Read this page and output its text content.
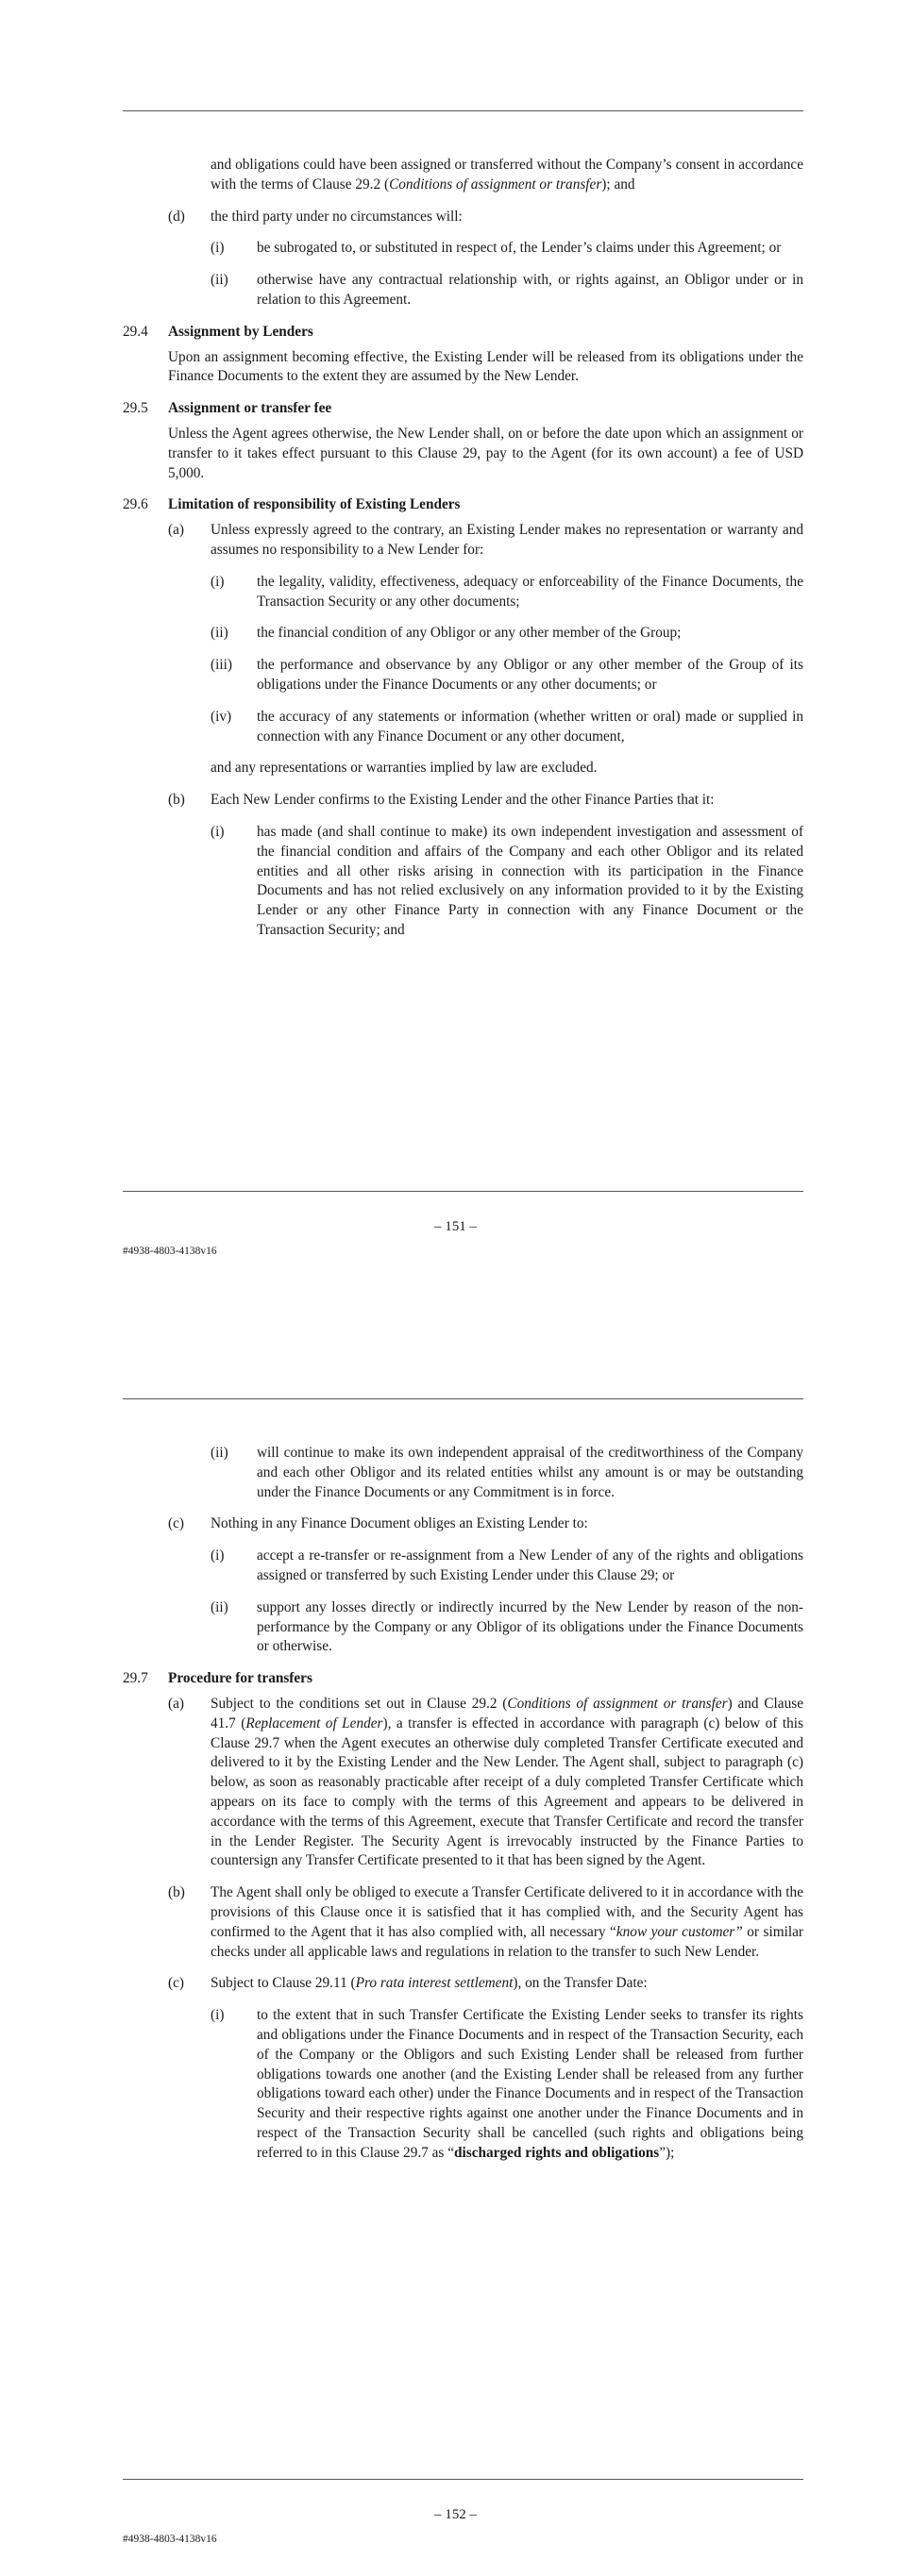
and obligations could have been assigned or transferred without the Company’s consent in accordance with the terms of Clause 29.2 (Conditions of assignment or transfer); and

(d) the third party under no circumstances will:
(i) be subrogated to, or substituted in respect of, the Lender’s claims under this Agreement; or
(ii) otherwise have any contractual relationship with, or rights against, an Obligor under or in relation to this Agreement.
29.4 Assignment by Lenders

Upon an assignment becoming effective, the Existing Lender will be released from its obligations under the Finance Documents to the extent they are assumed by the New Lender.

29.5 Assignment or transfer fee

Unless the Agent agrees otherwise, the New Lender shall, on or before the date upon which an assignment or transfer to it takes effect pursuant to this Clause 29, pay to the Agent (for its own account) a fee of USD 5,000.

29.6 Limitation of responsibility of Existing Lenders
(a) Unless expressly agreed to the contrary, an Existing Lender makes no representation or warranty and assumes no responsibility to a New Lender for:
(i) the legality, validity, effectiveness, adequacy or enforceability of the Finance Documents, the Transaction Security or any other documents;
(ii) the financial condition of any Obligor or any other member of the Group;
(iii) the performance and observance by any Obligor or any other member of the Group of its obligations under the Finance Documents or any other documents; or
(iv) the accuracy of any statements or information (whether written or oral) made or supplied in connection with any Finance Document or any other document,

and any representations or warranties implied by law are excluded.

(b) Each New Lender confirms to the Existing Lender and the other Finance Parties that it:
(i) has made (and shall continue to make) its own independent investigation and assessment of the financial condition and affairs of the Company and each other Obligor and its related entities and all other risks arising in connection with its participation in the Finance Documents and has not relied exclusively on any information provided to it by the Existing Lender or any other Finance Party in connection with any Finance Document or the Transaction Security; and
– 151 –
#4938-4803-4138v16
(ii) will continue to make its own independent appraisal of the creditworthiness of the Company and each other Obligor and its related entities whilst any amount is or may be outstanding under the Finance Documents or any Commitment is in force.
(c) Nothing in any Finance Document obliges an Existing Lender to:
(i) accept a re-transfer or re-assignment from a New Lender of any of the rights and obligations assigned or transferred by such Existing Lender under this Clause 29; or
(ii) support any losses directly or indirectly incurred by the New Lender by reason of the non-performance by the Company or any Obligor of its obligations under the Finance Documents or otherwise.
29.7 Procedure for transfers
(a) Subject to the conditions set out in Clause 29.2 (Conditions of assignment or transfer) and Clause 41.7 (Replacement of Lender), a transfer is effected in accordance with paragraph (c) below of this Clause 29.7 when the Agent executes an otherwise duly completed Transfer Certificate executed and delivered to it by the Existing Lender and the New Lender. The Agent shall, subject to paragraph (c) below, as soon as reasonably practicable after receipt of a duly completed Transfer Certificate which appears on its face to comply with the terms of this Agreement and appears to be delivered in accordance with the terms of this Agreement, execute that Transfer Certificate and record the transfer in the Lender Register. The Security Agent is irrevocably instructed by the Finance Parties to countersign any Transfer Certificate presented to it that has been signed by the Agent.
(b) The Agent shall only be obliged to execute a Transfer Certificate delivered to it in accordance with the provisions of this Clause once it is satisfied that it has complied with, and the Security Agent has confirmed to the Agent that it has also complied with, all necessary “know your customer” or similar checks under all applicable laws and regulations in relation to the transfer to such New Lender.
(c) Subject to Clause 29.11 (Pro rata interest settlement), on the Transfer Date:
(i) to the extent that in such Transfer Certificate the Existing Lender seeks to transfer its rights and obligations under the Finance Documents and in respect of the Transaction Security, each of the Company or the Obligors and such Existing Lender shall be released from further obligations towards one another (and the Existing Lender shall be released from any further obligations toward each other) under the Finance Documents and in respect of the Transaction Security and their respective rights against one another under the Finance Documents and in respect of the Transaction Security shall be cancelled (such rights and obligations being referred to in this Clause 29.7 as “discharged rights and obligations”);
– 152 –
#4938-4803-4138v16
